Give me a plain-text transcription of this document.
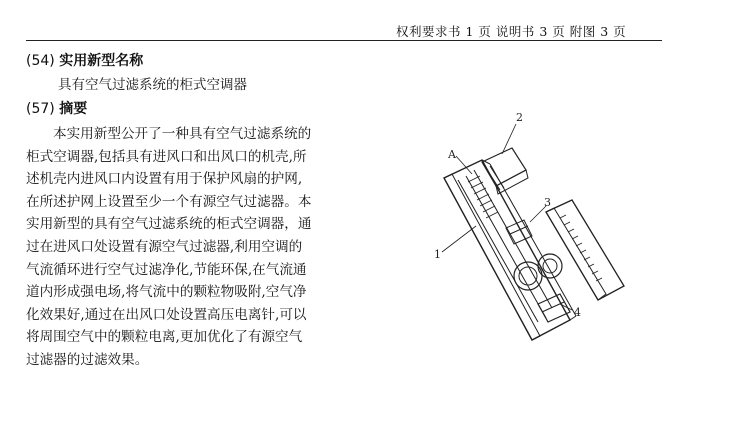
权利要求书 1 页 说明书 3 页 附图 3 页
(54) 实用新型名称
具有空气过滤系统的柜式空调器
(57) 摘要
本实用新型公开了一种具有空气过滤系统的
柜式空调器,包括具有进风口和出风口的机壳,所
述机壳内进风口内设置有用于保护风扇的护网,
在所述护网上设置至少一个有源空气过滤器。本
实用新型的具有空气过滤系统的柜式空调器，通
过在进风口处设置有源空气过滤器,利用空调的
气流循环进行空气过滤净化,节能环保,在气流通
道内形成强电场,将气流中的颗粒物吸附,空气净
化效果好,通过在出风口处设置高压电离针,可以
将周围空气中的颗粒电离,更加优化了有源空气
过滤器的过滤效果。
2
A
3
1
4
